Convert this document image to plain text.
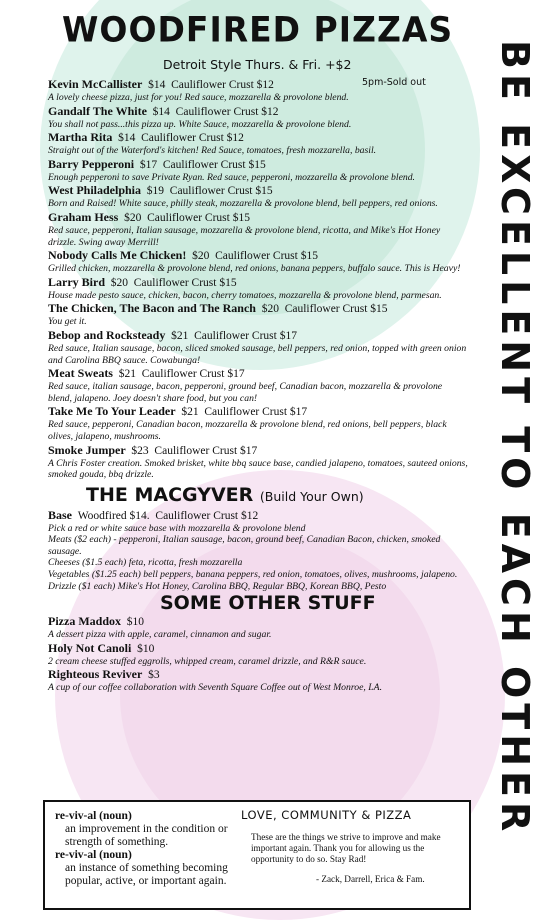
WOODFIRED PIZZAS
Detroit Style Thurs. & Fri. +$2
5pm-Sold out BE EXCELLENT TO EACH OTHER
Kevin McCallister $14 Cauliflower Crust $12
A lovely cheese pizza, just for you! Red sauce, mozzarella & provolone blend.
Gandalf The White $14 Cauliflower Crust $12
You shall not pass...this pizza up. White Sauce, mozzarella & provolone blend.
Martha Rita $14 Cauliflower Crust $12
Straight out of the Waterford's kitchen! Red Sauce, tomatoes, fresh mozzarella, basil.
Barry Pepperoni $17 Cauliflower Crust $15
Enough pepperoni to save Private Ryan. Red sauce, pepperoni, mozzarella & provolone blend.
West Philadelphia $19 Cauliflower Crust $15
Born and Raised! White sauce, philly steak, mozzarella & provolone blend, bell peppers, red onions.
Graham Hess $20 Cauliflower Crust $15
Red sauce, pepperoni, Italian sausage, mozzarella & provolone blend, ricotta, and Mike's Hot Honey drizzle. Swing away Merrill!
Nobody Calls Me Chicken! $20 Cauliflower Crust $15
Grilled chicken, mozzarella & provolone blend, red onions, banana peppers, buffalo sauce. This is Heavy!
Larry Bird $20 Cauliflower Crust $15
House made pesto sauce, chicken, bacon, cherry tomatoes, mozzarella & provolone blend, parmesan.
The Chicken, The Bacon and The Ranch $20 Cauliflower Crust $15
You get it.
Bebop and Rocksteady $21 Cauliflower Crust $17
Red sauce, Italian sausage, bacon, sliced smoked sausage, bell peppers, red onion, topped with green onion and Carolina BBQ sauce. Cowabunga!
Meat Sweats $21 Cauliflower Crust $17
Red sauce, italian sausage, bacon, pepperoni, ground beef, Canadian bacon, mozzarella & provolone blend, jalapeno. Joey doesn't share food, but you can!
Take Me To Your Leader $21 Cauliflower Crust $17
Red sauce, pepperoni, Canadian bacon, mozzarella & provolone blend, red onions, bell peppers, black olives, jalapeno, mushrooms.
Smoke Jumper $23 Cauliflower Crust $17
A Chris Foster creation. Smoked brisket, white bbq sauce base, candied jalapeno, tomatoes, sauteed onions, smoked gouda, bbq drizzle.
THE MACGYVER (Build Your Own)
Base Woodfired $14. Cauliflower Crust $12
Pick a red or white sauce base with mozzarella & provolone blend
Meats ($2 each) - pepperoni, Italian sausage, bacon, ground beef, Canadian Bacon, chicken, smoked sausage.
Cheeses ($1.5 each) feta, ricotta, fresh mozzarella
Vegetables ($1.25 each) bell peppers, banana peppers, red onion, tomatoes, olives, mushrooms, jalapeno.
Drizzle ($1 each) Mike's Hot Honey, Carolina BBQ, Regular BBQ, Korean BBQ, Pesto
SOME OTHER STUFF
Pizza Maddox $10
A dessert pizza with apple, caramel, cinnamon and sugar.
Holy Not Canoli $10
2 cream cheese stuffed eggrolls, whipped cream, caramel drizzle, and R&R sauce.
Righteous Reviver $3
A cup of our coffee collaboration with Seventh Square Coffee out of West Monroe, LA.
re-viv-al (noun)
an improvement in the condition or strength of something.
re-viv-al (noun)
an instance of something becoming popular, active, or important again.
LOVE, COMMUNITY & PIZZA
These are the things we strive to improve and make important again. Thank you for allowing us the opportunity to do so. Stay Rad!
- Zack, Darrell, Erica & Fam.
